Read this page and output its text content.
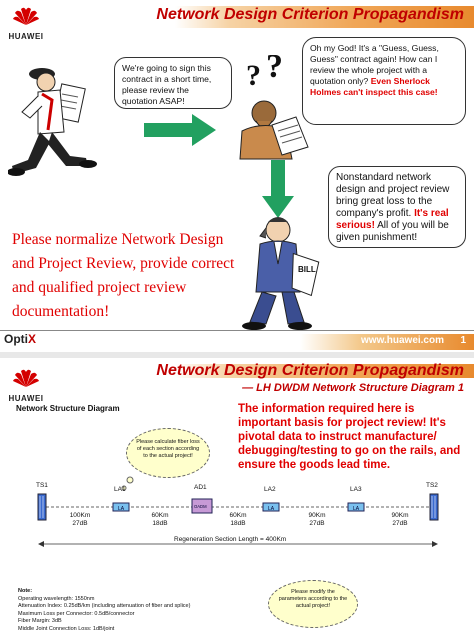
Network Design Criterion Propagandism
HUAWEI
We're going to sign this contract in a short time, please review the quotation ASAP!
? ?	Oh my God! It's a "Guess, Guess, Guess" contract again! How can I review the whole project with a quotation only? Even Sherlock Holmes can't inspect this case!
BILL
Nonstandard network design and project review bring great loss to the company's profit. It's real serious! All of you will be given punishment!
Please normalize Network Design and Project Review, provide correct and qualified project review documentation!
OptiX	www.huawei.com 1
Network Design Criterion Propagandism
— LH DWDM Network Structure Diagram 1
HUAWEI
Network Structure Diagram	The information required here is important basis for project review! It's pivotal data to instruct manufacture/ debugging/testing to go on the rails, and ensure the goods lead time.
Please calculate fiber loss of each section according to the actual project!
LA	LA	LA
OADM
TS1
LA1	AD1	LA2	LA3
TS2
100Km
27dB
60Km
18dB
60Km
18dB
90Km
27dB
90Km
27dB
Regeneration Section Length = 400Km
Please modify the parameters according to the actual project!
Note:
Operating wavelength: 1550nm
Attenuation Index: 0.25dB/km (including attenuation of fiber and splice)
Maximum Loss per Connector: 0.5dB/connector
Fiber Margin: 3dB
Middle Joint Connection Loss: 1dB/joint
